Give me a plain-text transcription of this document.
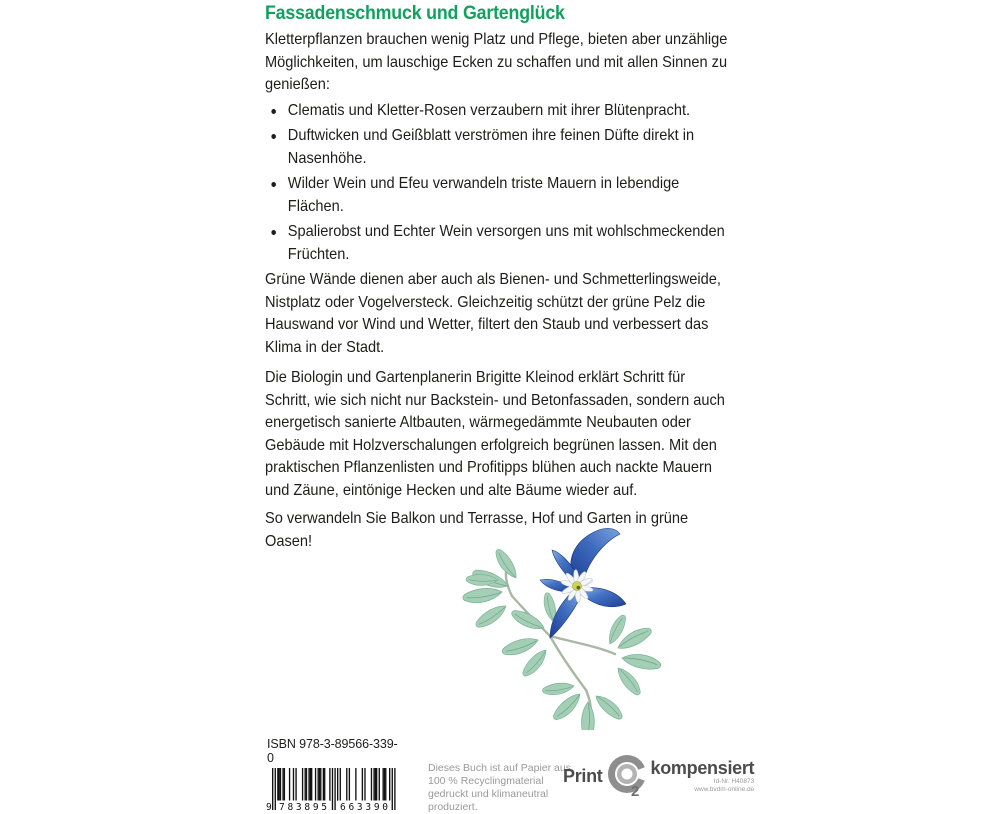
Fassadenschmuck und Gartenglück

Kletterpflanzen brauchen wenig Platz und Pflege, bieten aber unzählige Möglichkeiten, um lauschige Ecken zu schaffen und mit allen Sinnen zu genießen:

Clematis und Kletter-Rosen verzaubern mit ihrer Blütenpracht.
Duftwicken und Geißblatt verströmen ihre feinen Düfte direkt in Nasenhöhe.
Wilder Wein und Efeu verwandeln triste Mauern in lebendige Flächen.
Spalierobst und Echter Wein versorgen uns mit wohlschmeckenden Früchten.

Grüne Wände dienen aber auch als Bienen- und Schmetterlingsweide, Nistplatz oder Vogelversteck. Gleichzeitig schützt der grüne Pelz die Hauswand vor Wind und Wetter, filtert den Staub und verbessert das Klima in der Stadt.

Die Biologin und Gartenplanerin Brigitte Kleinod erklärt Schritt für Schritt, wie sich nicht nur Backstein- und Betonfassaden, sondern auch energetisch sanierte Altbauten, wärmegedämmte Neubauten oder Gebäude mit Holzverschalungen erfolgreich begrünen lassen. Mit den praktischen Pflanzenlisten und Profitipps blühen auch nackte Mauern und Zäune, eintönige Hecken und alte Bäume wieder auf.

So verwandeln Sie Balkon und Terrasse, Hof und Garten in grüne Oasen!

ISBN 978-3-89566-339-0
9 783895 663390
Dieses Buch ist auf Papier aus 100 % Recyclingmaterial gedruckt und klimaneutral produziert.
Print
2
kompensiert
Id-Nr. H40873
www.bvdm-online.de
